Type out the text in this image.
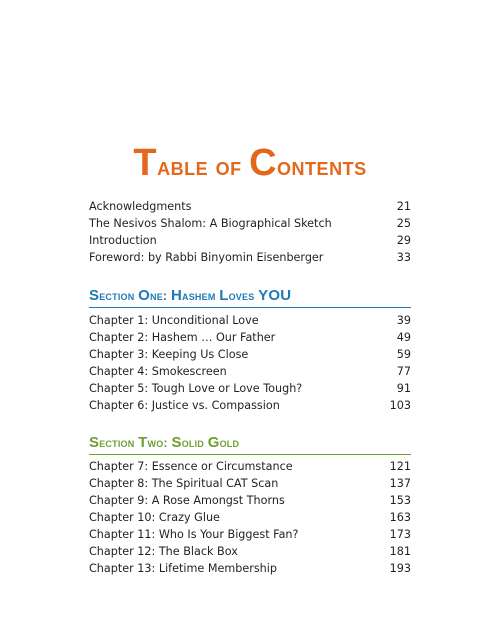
Table of Contents
Acknowledgments	21
The Nesivos Shalom: A Biographical Sketch	25
Introduction	29
Foreword: by Rabbi Binyomin Eisenberger	33
Section One: Hashem Loves YOU
Chapter 1: Unconditional Love	39
Chapter 2: Hashem … Our Father	49
Chapter 3: Keeping Us Close	59
Chapter 4: Smokescreen	77
Chapter 5: Tough Love or Love Tough?	91
Chapter 6: Justice vs. Compassion	103
Section Two: Solid Gold
Chapter 7: Essence or Circumstance	121
Chapter 8: The Spiritual CAT Scan	137
Chapter 9: A Rose Amongst Thorns	153
Chapter 10: Crazy Glue	163
Chapter 11: Who Is Your Biggest Fan?	173
Chapter 12: The Black Box	181
Chapter 13: Lifetime Membership	193
